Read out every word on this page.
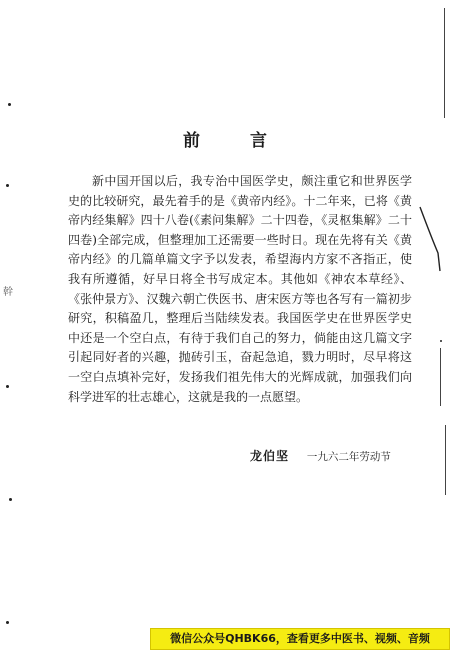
幹
前 言

新中国开国以后，我专治中国医学史，颇注重它和世界医学史的比较研究，最先着手的是《黄帝内经》。十二年来，已将《黄帝内经集解》四十八卷(《素问集解》二十四卷，《灵枢集解》二十四卷)全部完成，但整理加工还需要一些时日。现在先将有关《黄帝内经》的几篇单篇文字予以发表，希望海内方家不吝指正，使我有所遵循，好早日将全书写成定本。其他如《神农本草经》、《张仲景方》、汉魏六朝亡佚医书、唐宋医方等也各写有一篇初步研究，积稿盈几，整理后当陆续发表。我国医学史在世界医学史中还是一个空白点，有待于我们自己的努力，倘能由这几篇文字引起同好者的兴趣，抛砖引玉，奋起急追，戮力明时，尽早将这一空白点填补完好，发扬我们祖先伟大的光辉成就，加强我们向科学进军的壮志雄心，这就是我的一点愿望。

龙伯坚 一九六二年劳动节
微信公众号QHBK66，查看更多中医书、视频、音频
